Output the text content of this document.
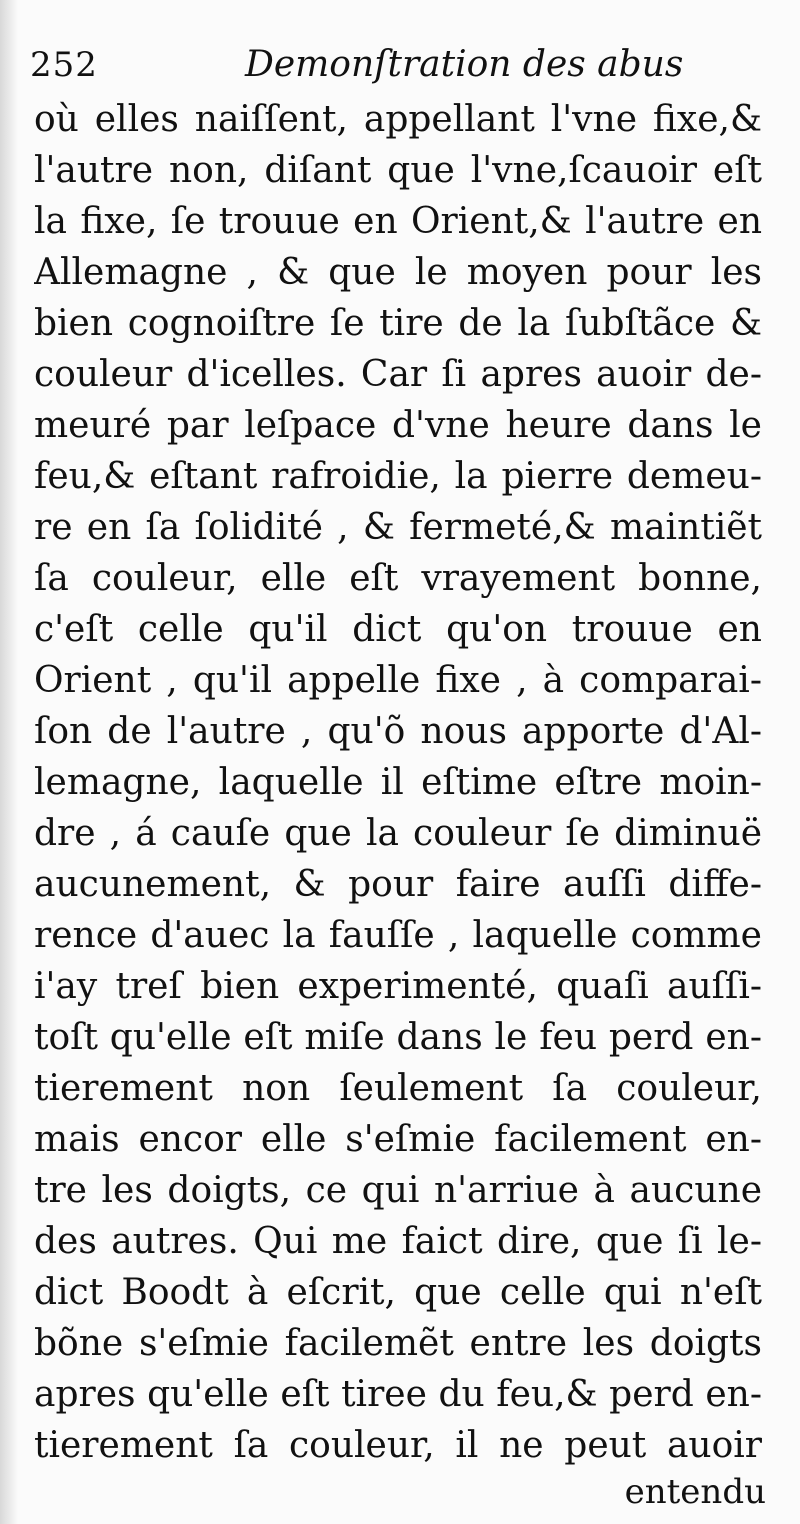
252	Demonſtration des abus
où elles naiſſent, appellant l'vne fixe,&
l'autre non, diſant que l'vne,ſcauoir eſt
la fixe, ſe trouue en Orient,& l'autre en
Allemagne , & que le moyen pour les
bien cognoiſtre ſe tire de la ſubſtãce &
couleur d'icelles. Car ſi apres auoir de-
meuré par leſpace d'vne heure dans le
feu,& eſtant rafroidie, la pierre demeu-
re en ſa ſolidité , & fermeté,& maintiẽt
ſa couleur, elle eſt vrayement bonne,
c'eſt celle qu'il dict qu'on trouue en
Orient , qu'il appelle fixe , à comparai-
ſon de l'autre , qu'õ nous apporte d'Al-
lemagne, laquelle il eſtime eſtre moin-
dre , á cauſe que la couleur ſe diminuë
aucunement, & pour faire auſſi diffe-
rence d'auec la fauſſe , laquelle comme
i'ay treſ bien experimenté, quaſi auſſi-
toſt qu'elle eſt miſe dans le feu perd en-
tierement non ſeulement ſa couleur,
mais encor elle s'eſmie facilement en-
tre les doigts, ce qui n'arriue à aucune
des autres. Qui me faict dire, que ſi le-
dict Boodt à eſcrit, que celle qui n'eſt
bõne s'eſmie facilemẽt entre les doigts
apres qu'elle eſt tiree du feu,& perd en-
tierement ſa couleur, il ne peut auoir
entendu
